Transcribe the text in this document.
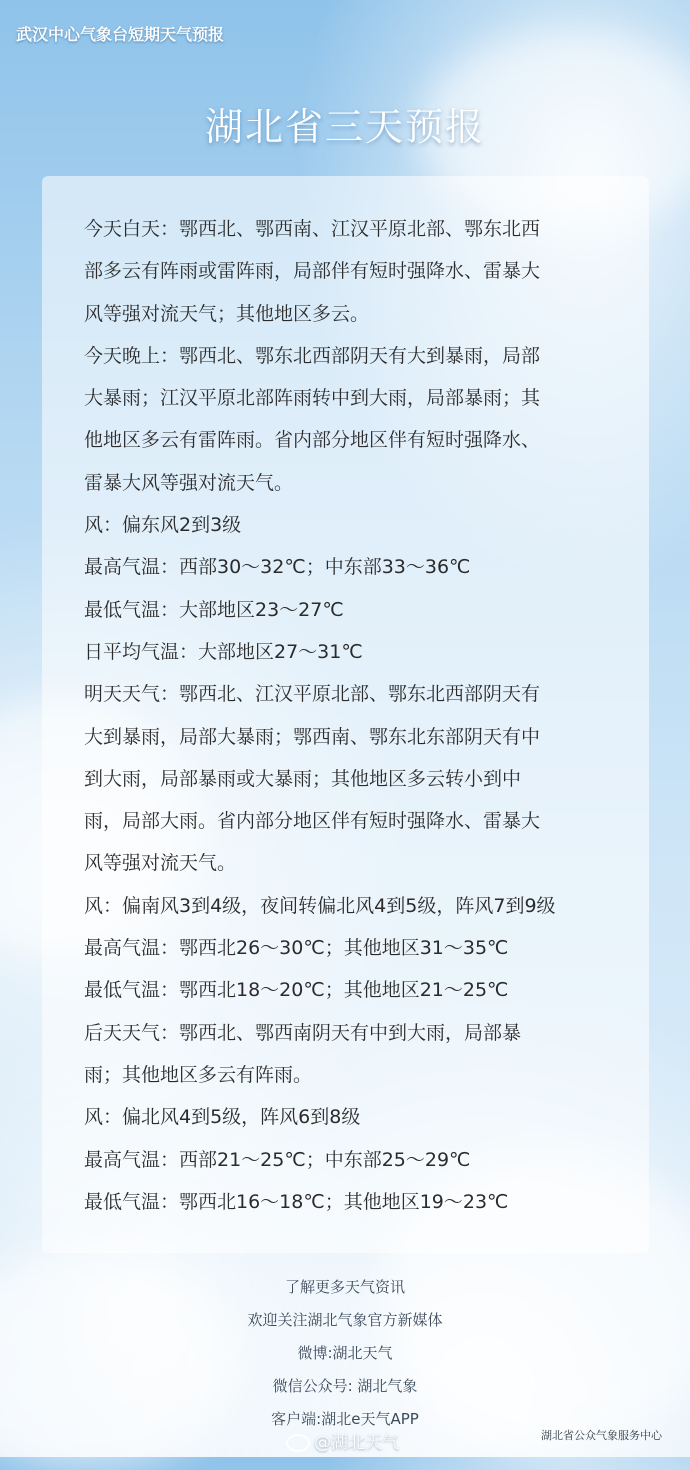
武汉中心气象台短期天气预报
湖北省三天预报

今天白天：鄂西北、鄂西南、江汉平原北部、鄂东北西

部多云有阵雨或雷阵雨，局部伴有短时强降水、雷暴大

风等强对流天气；其他地区多云。

今天晚上：鄂西北、鄂东北西部阴天有大到暴雨，局部

大暴雨；江汉平原北部阵雨转中到大雨，局部暴雨；其

他地区多云有雷阵雨。省内部分地区伴有短时强降水、

雷暴大风等强对流天气。

风：偏东风2到3级

最高气温：西部30～32℃；中东部33～36℃

最低气温：大部地区23～27℃

日平均气温：大部地区27～31℃

明天天气：鄂西北、江汉平原北部、鄂东北西部阴天有

大到暴雨，局部大暴雨；鄂西南、鄂东北东部阴天有中

到大雨，局部暴雨或大暴雨；其他地区多云转小到中

雨，局部大雨。省内部分地区伴有短时强降水、雷暴大

风等强对流天气。

风：偏南风3到4级，夜间转偏北风4到5级，阵风7到9级

最高气温：鄂西北26～30℃；其他地区31～35℃

最低气温：鄂西北18～20℃；其他地区21～25℃

后天天气：鄂西北、鄂西南阴天有中到大雨，局部暴

雨；其他地区多云有阵雨。

风：偏北风4到5级，阵风6到8级

最高气温：西部21～25℃；中东部25～29℃

最低气温：鄂西北16～18℃；其他地区19～23℃

了解更多天气资讯
欢迎关注湖北气象官方新媒体
微博:湖北天气
微信公众号: 湖北气象
客户端:湖北e天气APP
@湖北天气	湖北省公众气象服务中心
